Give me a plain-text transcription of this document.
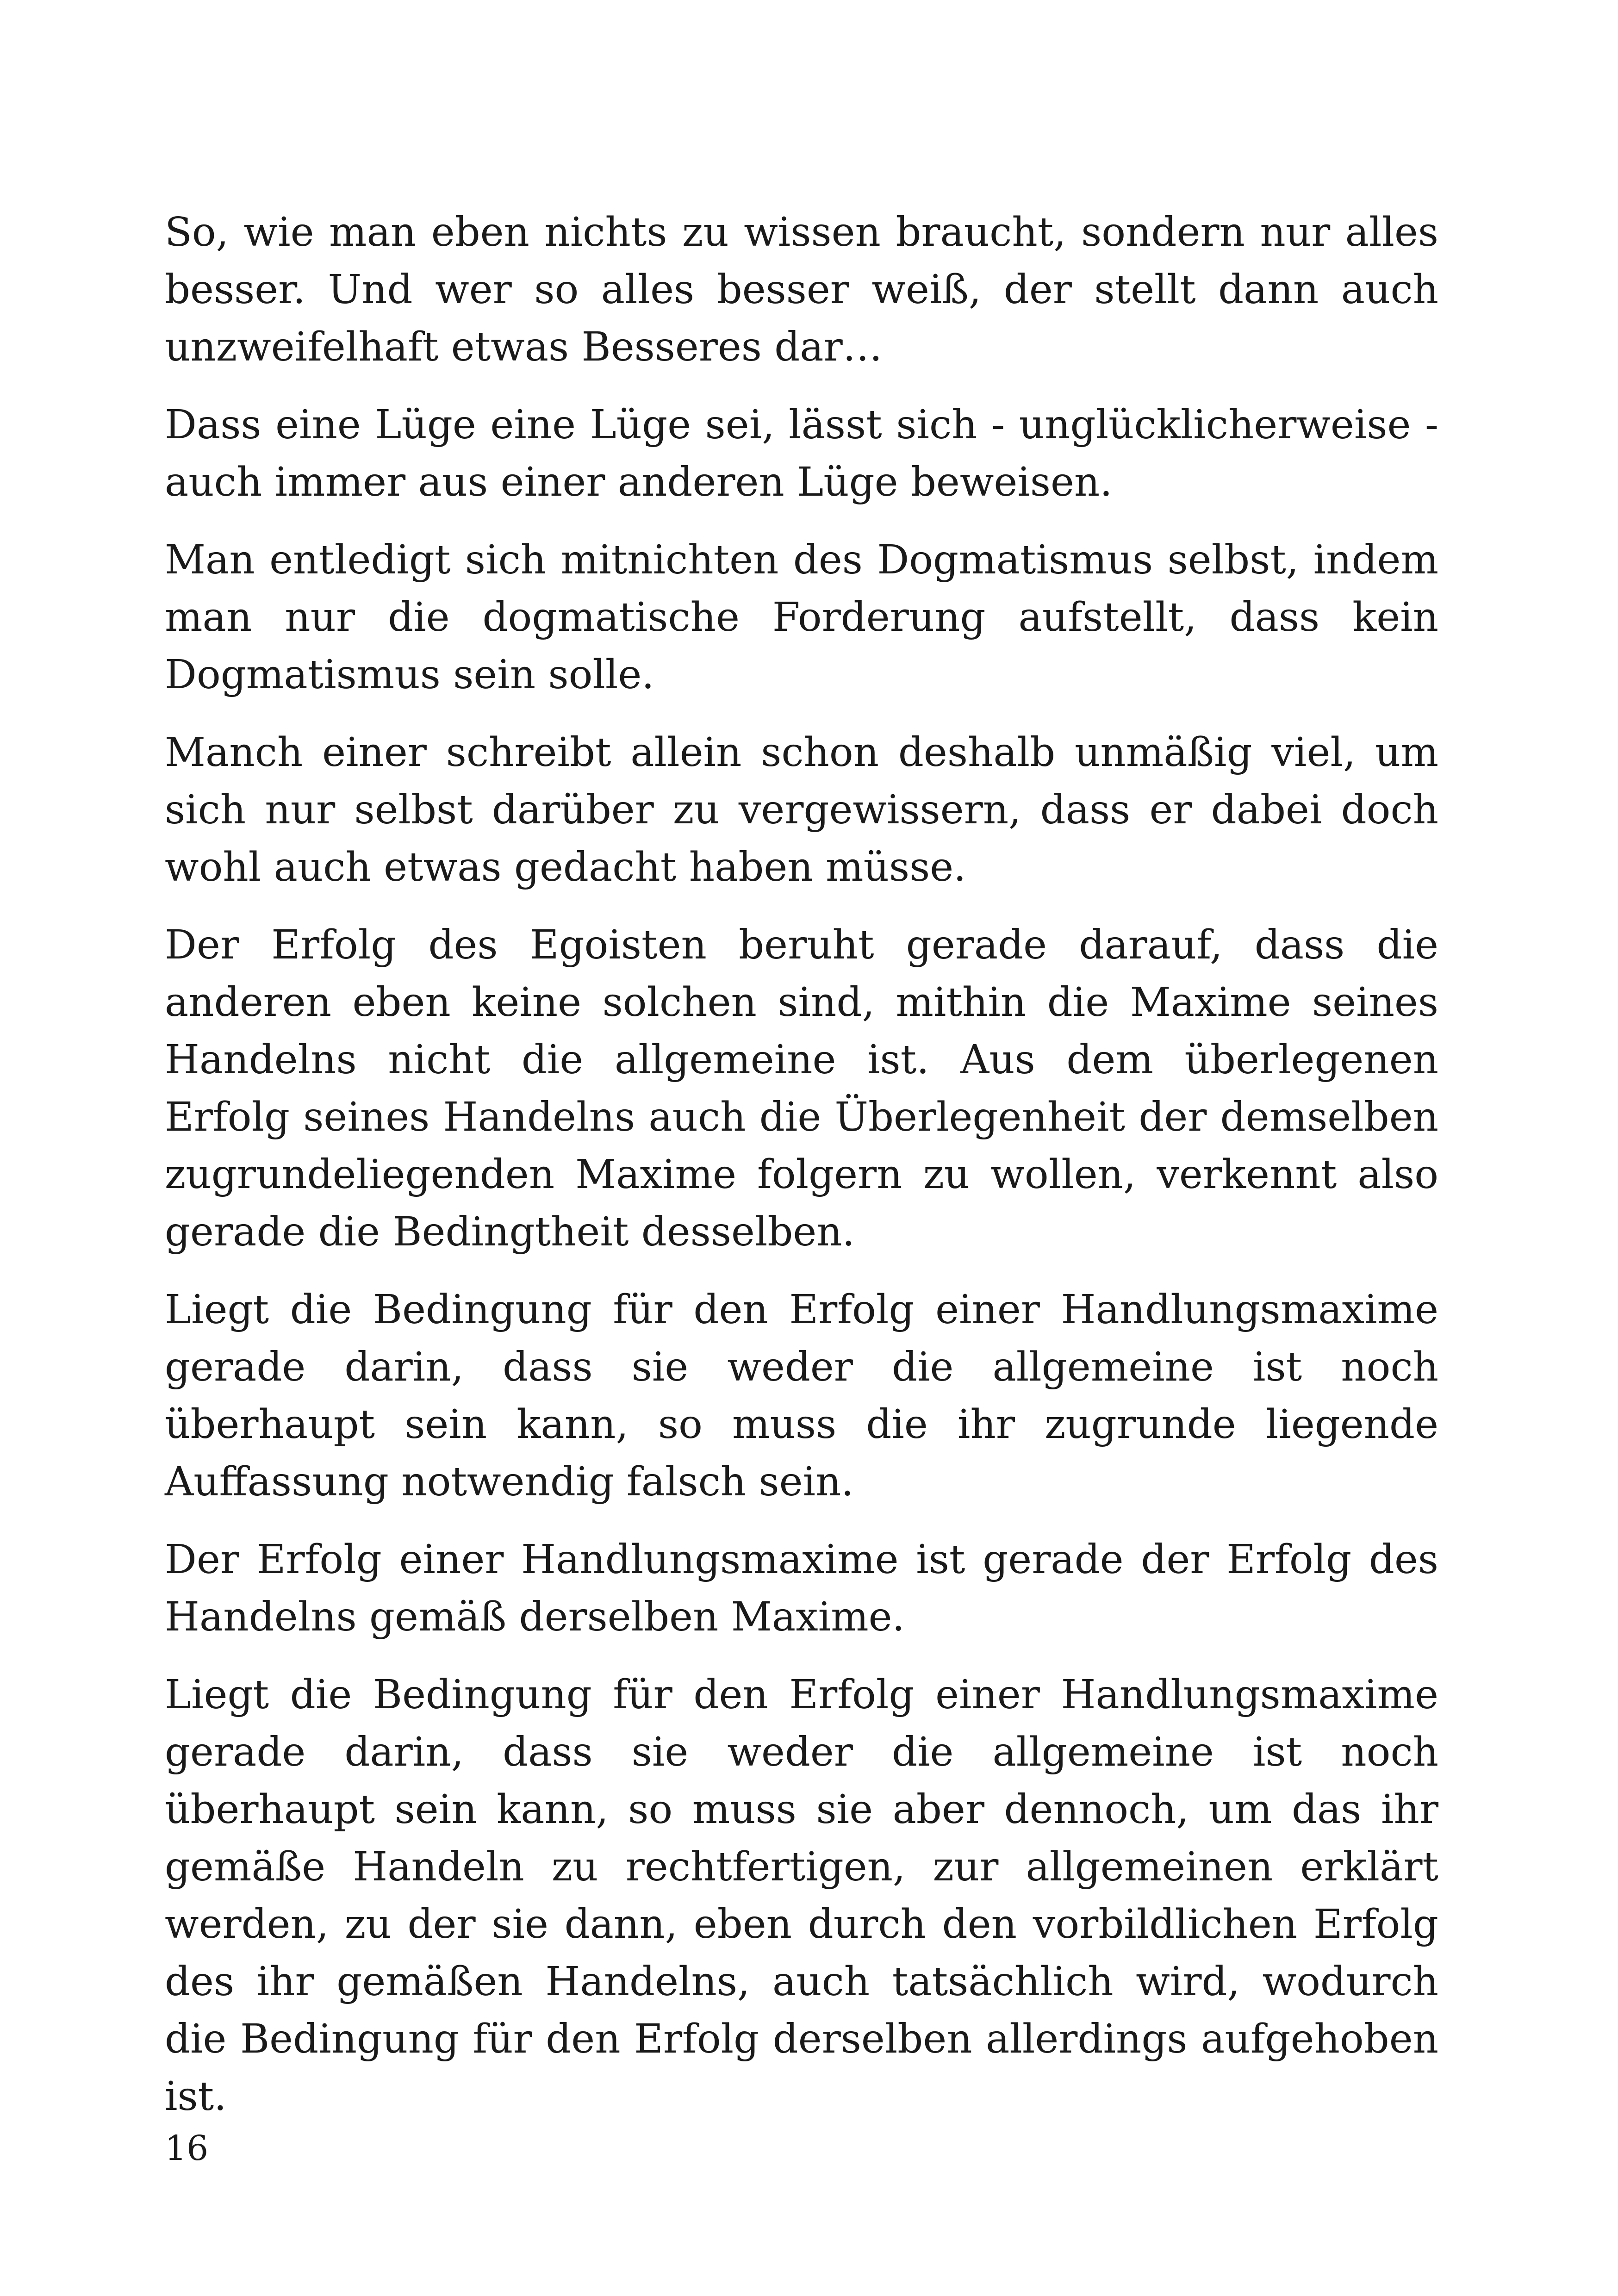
So, wie man eben nichts zu wissen braucht, sondern nur alles besser. Und wer so alles besser weiß, der stellt dann auch unzweifelhaft etwas Besseres dar…

Dass eine Lüge eine Lüge sei, lässt sich - unglücklicherweise - auch immer aus einer anderen Lüge beweisen.

Man entledigt sich mitnichten des Dogmatismus selbst, indem man nur die dogmatische Forderung aufstellt, dass kein Dogmatismus sein solle.

Manch einer schreibt allein schon deshalb unmäßig viel, um sich nur selbst darüber zu vergewissern, dass er dabei doch wohl auch etwas gedacht haben müsse.

Der Erfolg des Egoisten beruht gerade darauf, dass die anderen eben keine solchen sind, mithin die Maxime seines Handelns nicht die allgemeine ist. Aus dem überlegenen Erfolg seines Handelns auch die Überlegenheit der demselben zugrundeliegenden Maxime folgern zu wollen, verkennt also gerade die Bedingtheit desselben.

Liegt die Bedingung für den Erfolg einer Handlungsmaxime gerade darin, dass sie weder die allgemeine ist noch überhaupt sein kann, so muss die ihr zugrunde liegende Auffassung notwendig falsch sein.

Der Erfolg einer Handlungsmaxime ist gerade der Erfolg des Handelns gemäß derselben Maxime.

Liegt die Bedingung für den Erfolg einer Handlungsmaxime gerade darin, dass sie weder die allgemeine ist noch überhaupt sein kann, so muss sie aber dennoch, um das ihr gemäße Handeln zu rechtfertigen, zur allgemeinen erklärt werden, zu der sie dann, eben durch den vorbildlichen Erfolg des ihr gemäßen Handelns, auch tatsächlich wird, wodurch die Bedingung für den Erfolg derselben allerdings aufgehoben ist.

16
